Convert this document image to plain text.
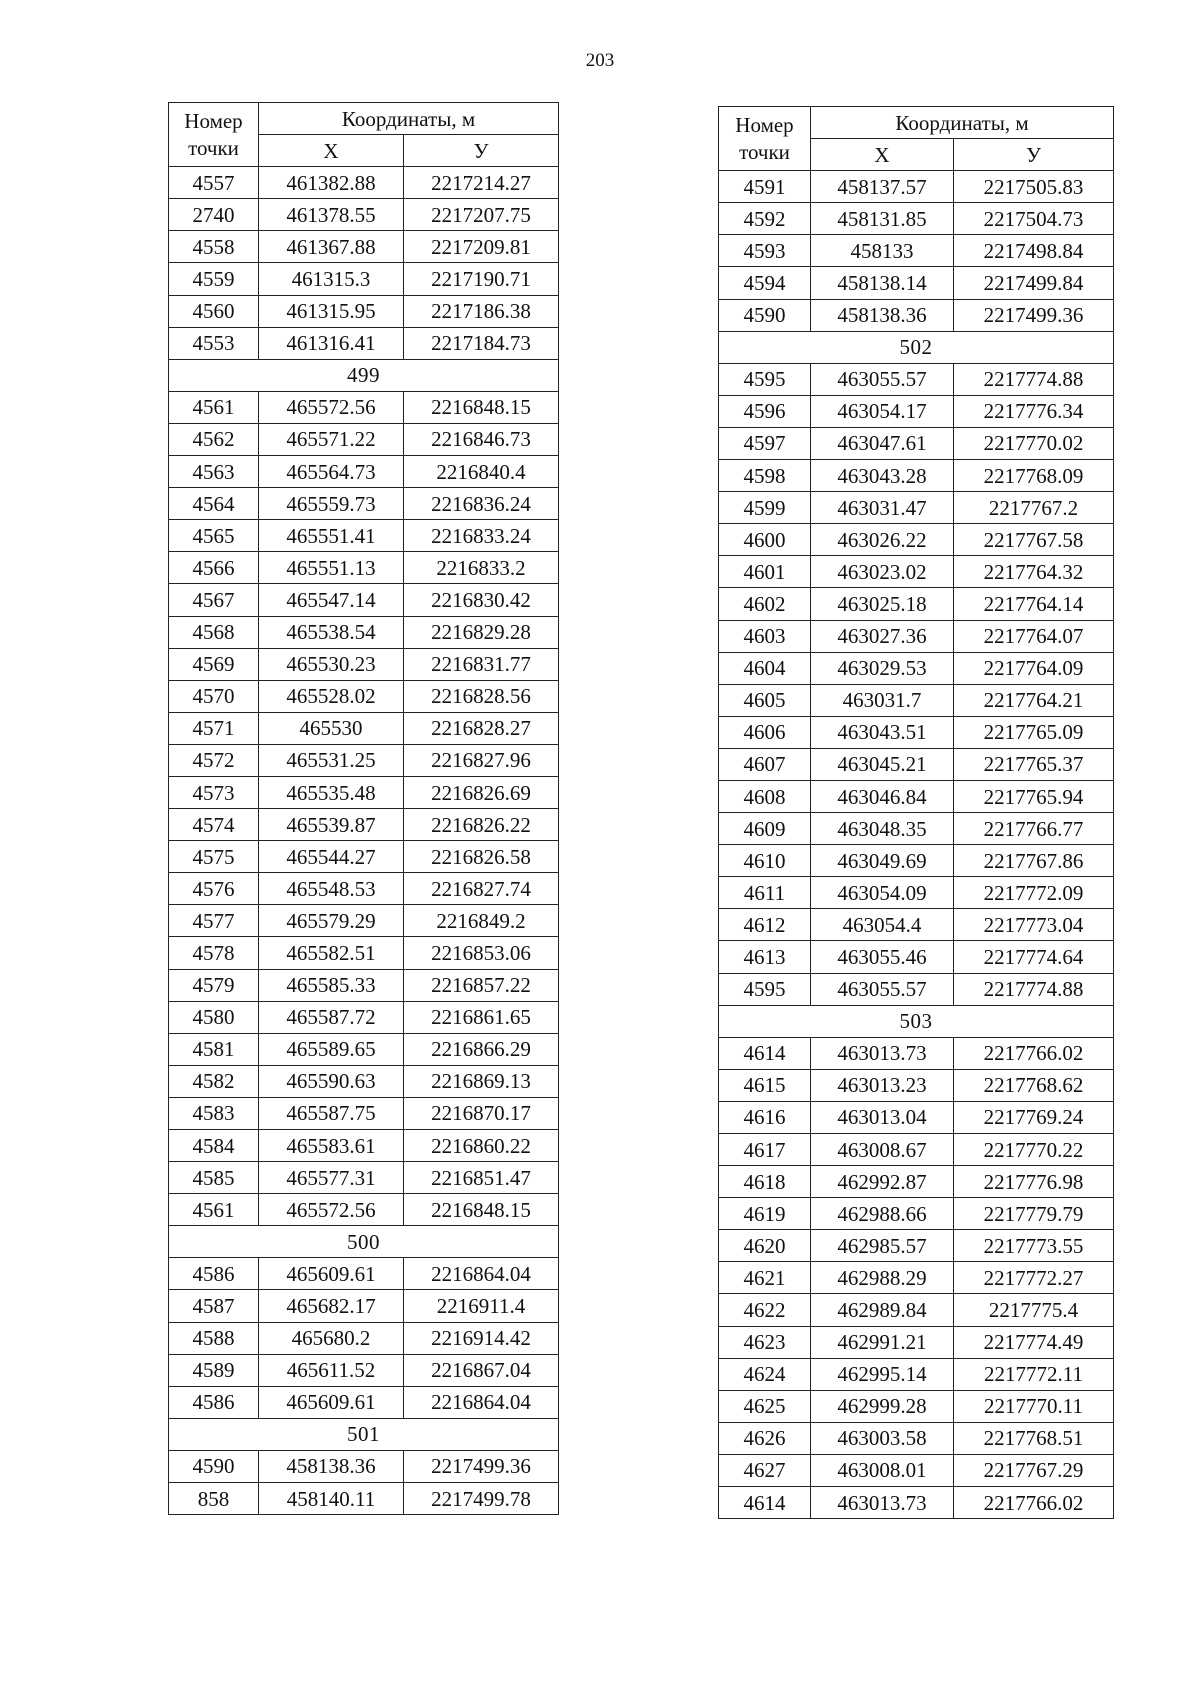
203
Номер
точки	Координаты, м	
	X	У
4557	461382.88	2217214.27
2740	461378.55	2217207.75
4558	461367.88	2217209.81
4559	461315.3	2217190.71
4560	461315.95	2217186.38
4553	461316.41	2217184.73
499		
4561	465572.56	2216848.15
4562	465571.22	2216846.73
4563	465564.73	2216840.4
4564	465559.73	2216836.24
4565	465551.41	2216833.24
4566	465551.13	2216833.2
4567	465547.14	2216830.42
4568	465538.54	2216829.28
4569	465530.23	2216831.77
4570	465528.02	2216828.56
4571	465530	2216828.27
4572	465531.25	2216827.96
4573	465535.48	2216826.69
4574	465539.87	2216826.22
4575	465544.27	2216826.58
4576	465548.53	2216827.74
4577	465579.29	2216849.2
4578	465582.51	2216853.06
4579	465585.33	2216857.22
4580	465587.72	2216861.65
4581	465589.65	2216866.29
4582	465590.63	2216869.13
4583	465587.75	2216870.17
4584	465583.61	2216860.22
4585	465577.31	2216851.47
4561	465572.56	2216848.15
500		
4586	465609.61	2216864.04
4587	465682.17	2216911.4
4588	465680.2	2216914.42
4589	465611.52	2216867.04
4586	465609.61	2216864.04
501		
4590	458138.36	2217499.36
858	458140.11	2217499.78
Номер
точки	Координаты, м	
	X	У
4591	458137.57	2217505.83
4592	458131.85	2217504.73
4593	458133	2217498.84
4594	458138.14	2217499.84
4590	458138.36	2217499.36
502		
4595	463055.57	2217774.88
4596	463054.17	2217776.34
4597	463047.61	2217770.02
4598	463043.28	2217768.09
4599	463031.47	2217767.2
4600	463026.22	2217767.58
4601	463023.02	2217764.32
4602	463025.18	2217764.14
4603	463027.36	2217764.07
4604	463029.53	2217764.09
4605	463031.7	2217764.21
4606	463043.51	2217765.09
4607	463045.21	2217765.37
4608	463046.84	2217765.94
4609	463048.35	2217766.77
4610	463049.69	2217767.86
4611	463054.09	2217772.09
4612	463054.4	2217773.04
4613	463055.46	2217774.64
4595	463055.57	2217774.88
503		
4614	463013.73	2217766.02
4615	463013.23	2217768.62
4616	463013.04	2217769.24
4617	463008.67	2217770.22
4618	462992.87	2217776.98
4619	462988.66	2217779.79
4620	462985.57	2217773.55
4621	462988.29	2217772.27
4622	462989.84	2217775.4
4623	462991.21	2217774.49
4624	462995.14	2217772.11
4625	462999.28	2217770.11
4626	463003.58	2217768.51
4627	463008.01	2217767.29
4614	463013.73	2217766.02
